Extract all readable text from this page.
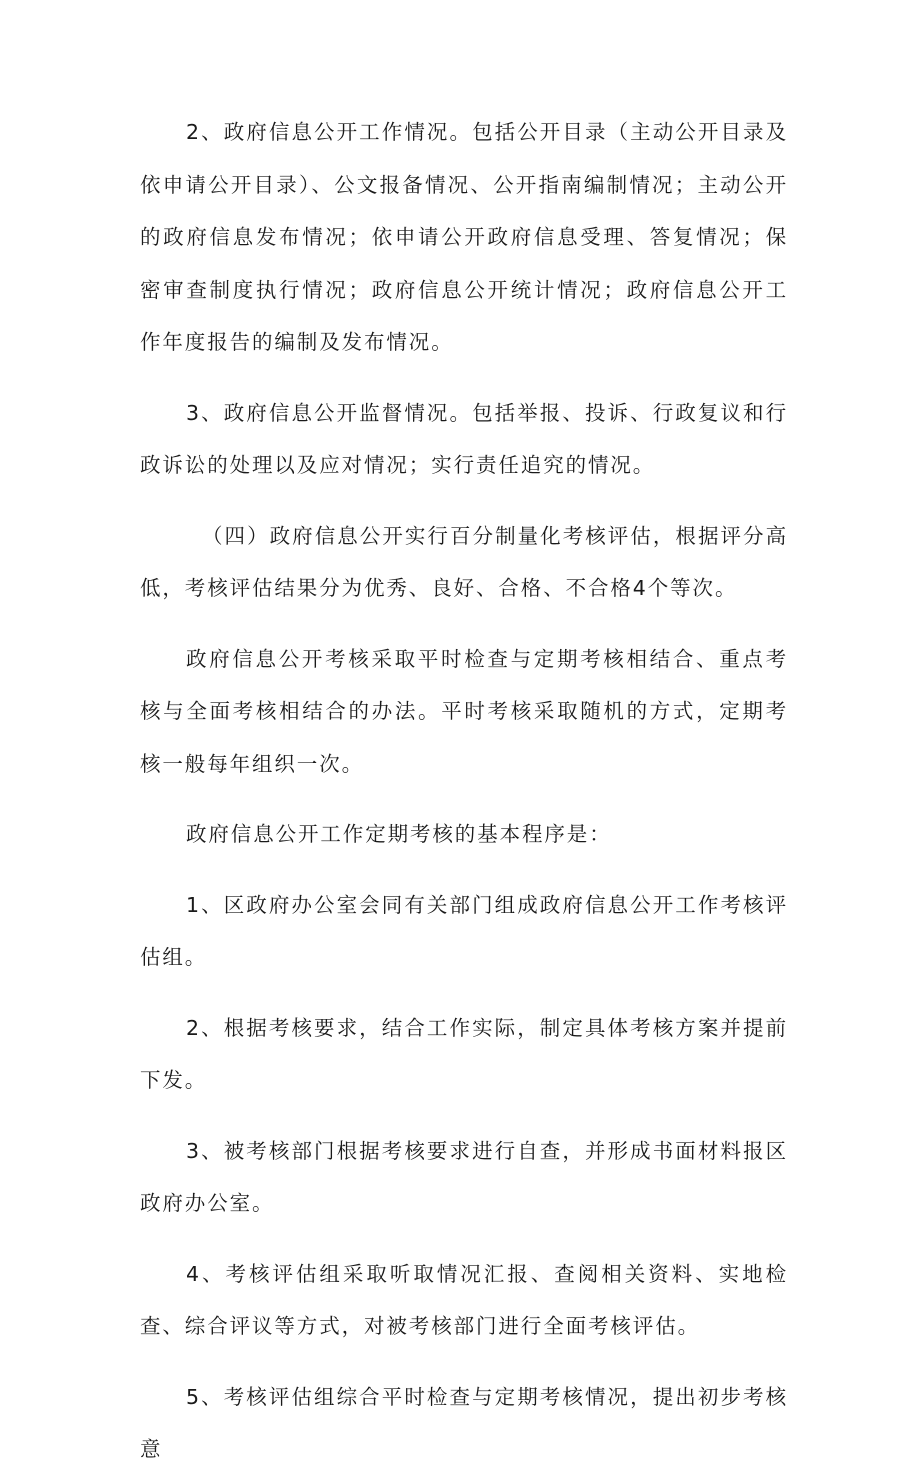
2、政府信息公开工作情况。包括公开目录（主动公开目录及依申请公开目录）、公文报备情况、公开指南编制情况；主动公开的政府信息发布情况；依申请公开政府信息受理、答复情况；保密审查制度执行情况；政府信息公开统计情况；政府信息公开工作年度报告的编制及发布情况。

3、政府信息公开监督情况。包括举报、投诉、行政复议和行政诉讼的处理以及应对情况；实行责任追究的情况。

（四）政府信息公开实行百分制量化考核评估，根据评分高低，考核评估结果分为优秀、良好、合格、不合格4个等次。

政府信息公开考核采取平时检查与定期考核相结合、重点考核与全面考核相结合的办法。平时考核采取随机的方式，定期考核一般每年组织一次。

政府信息公开工作定期考核的基本程序是：

1、区政府办公室会同有关部门组成政府信息公开工作考核评估组。

2、根据考核要求，结合工作实际，制定具体考核方案并提前下发。

3、被考核部门根据考核要求进行自查，并形成书面材料报区政府办公室。

4、考核评估组采取听取情况汇报、查阅相关资料、实地检查、综合评议等方式，对被考核部门进行全面考核评估。

5、考核评估组综合平时检查与定期考核情况，提出初步考核意
